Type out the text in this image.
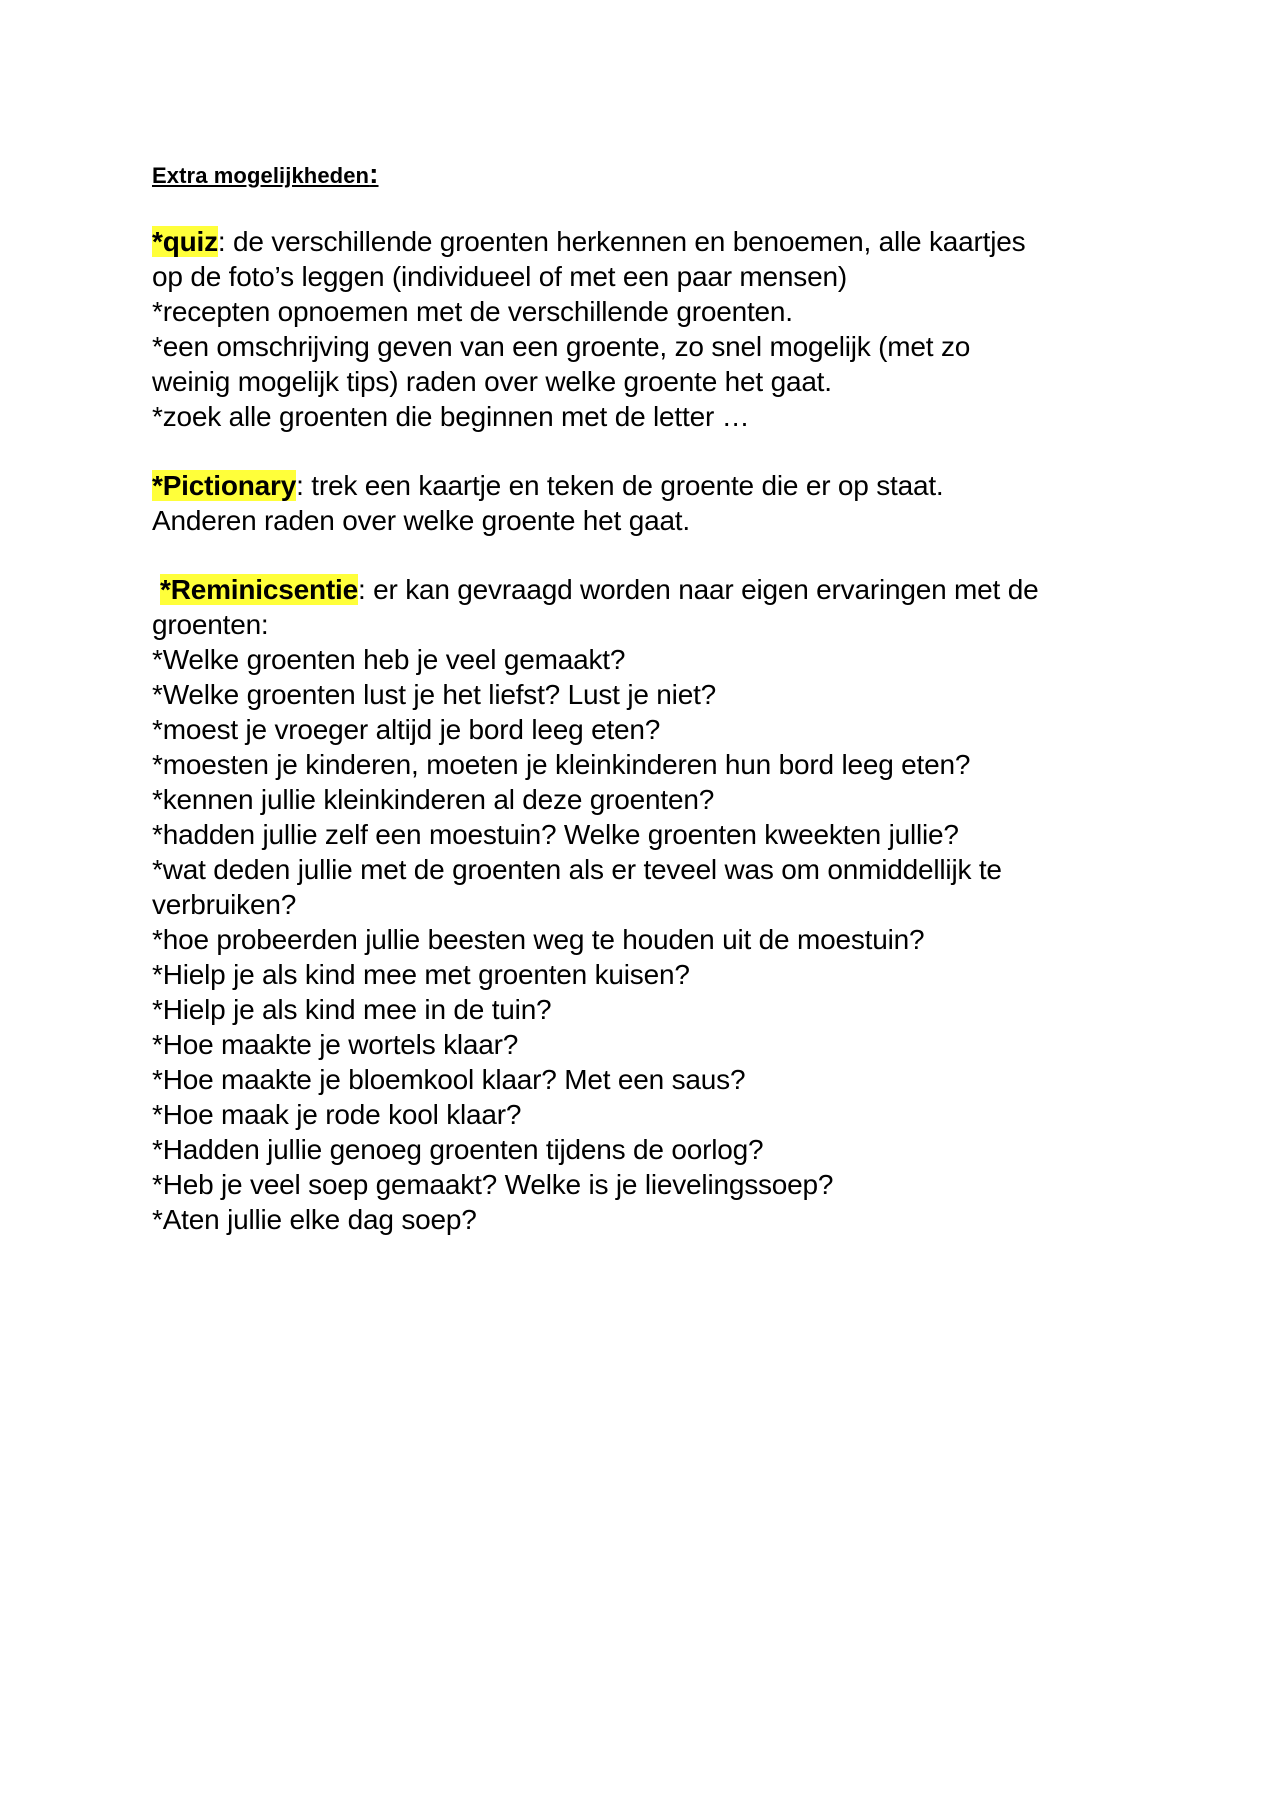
Extra mogelijkheden:
*quiz: de verschillende groenten herkennen en benoemen, alle kaartjes
op de foto’s leggen (individueel of met een paar mensen)
*recepten opnoemen met de verschillende groenten.
*een omschrijving geven van een groente, zo snel mogelijk (met zo
weinig mogelijk tips) raden over welke groente het gaat.
*zoek alle groenten die beginnen met de letter …
*Pictionary: trek een kaartje en teken de groente die er op staat.
Anderen raden over welke groente het gaat.
*Reminicsentie: er kan gevraagd worden naar eigen ervaringen met de
groenten:
*Welke groenten heb je veel gemaakt?
*Welke groenten lust je het liefst? Lust je niet?
*moest je vroeger altijd je bord leeg eten?
*moesten je kinderen, moeten je kleinkinderen hun bord leeg eten?
*kennen jullie kleinkinderen al deze groenten?
*hadden jullie zelf een moestuin? Welke groenten kweekten jullie?
*wat deden jullie met de groenten als er teveel was om onmiddellijk te
verbruiken?
*hoe probeerden jullie beesten weg te houden uit de moestuin?
*Hielp je als kind mee met groenten kuisen?
*Hielp je als kind mee in de tuin?
*Hoe maakte je wortels klaar?
*Hoe maakte je bloemkool klaar? Met een saus?
*Hoe maak je rode kool klaar?
*Hadden jullie genoeg groenten tijdens de oorlog?
*Heb je veel soep gemaakt? Welke is je lievelingssoep?
*Aten jullie elke dag soep?
